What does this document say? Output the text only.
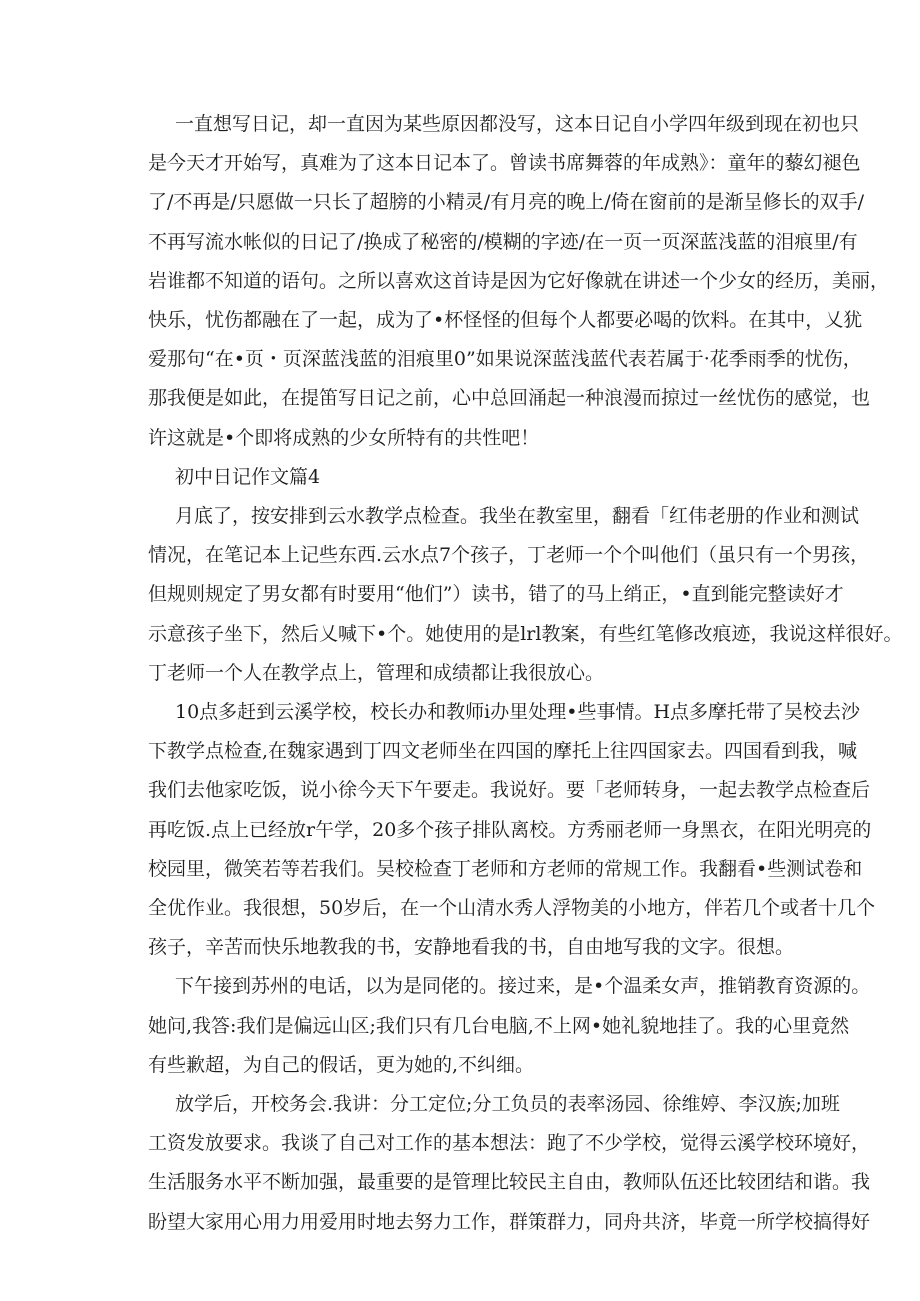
一直想写日记，却一直因为某些原因都没写，这本日记自小学四年级到现在初也只

是今天才开始写，真难为了这本日记本了。曾读书席舞蓉的年成熟》：童年的藜幻褪色

了/不再是/只愿做一只长了超膀的小精灵/有月亮的晚上/倚在窗前的是渐呈修长的双手/

不再写流水帐似的日记了/换成了秘密的/模糊的字迹/在一页一页深蓝浅蓝的泪痕里/有

岩谁都不知道的语句。之所以喜欢这首诗是因为它好像就在讲述一个少女的经历，美丽，

快乐，忧伤都融在了一起，成为了•杯怪怪的但每个人都要必喝的饮料。在其中，乂犹

爱那句“在•页・页深蓝浅蓝的泪痕里0”如果说深蓝浅蓝代表若属于·花季雨季的忧伤，

那我便是如此，在提笛写日记之前，心中总回涌起一种浪漫而掠过一丝忧伤的感觉，也

许这就是•个即将成熟的少女所特有的共性吧！

初中日记作文篇4

月底了，按安排到云水教学点检查。我坐在教室里，翻看「红伟老册的作业和测试

情况，在笔记本上记些东西.云水点7个孩子，丁老师一个个叫他们（虽只有一个男孩，

但规则规定了男女都有时要用“他们”）读书，错了的马上绡正，•直到能完整读好才

示意孩子坐下，然后乂喊下•个。她使用的是lrl教案，有些红笔修改痕迹，我说这样很好。

丁老师一个人在教学点上，管理和成绩都让我很放心。

10点多赶到云溪学校，校长办和教师i办里处理•些事情。H点多摩托带了吴校去沙

下教学点检查,在魏家遇到丁四文老师坐在四国的摩托上往四国家去。四国看到我，喊

我们去他家吃饭，说小徐今天下午要走。我说好。要「老师转身，一起去教学点检查后

再吃饭.点上已经放r午学，20多个孩子排队离校。方秀丽老师一身黑衣，在阳光明亮的

校园里，微笑若等若我们。吴校检查丁老师和方老师的常规工作。我翻看•些测试卷和

全优作业。我很想，50岁后，在一个山清水秀人浮物美的小地方，伴若几个或者十几个

孩子，辛苦而快乐地教我的书，安静地看我的书，自由地写我的文字。很想。

下午接到苏州的电话，以为是同佬的。接过来，是•个温柔女声，推销教育资源的。

她问,我答:我们是偏远山区;我们只有几台电脑,不上网•她礼貌地挂了。我的心里竟然

有些歉超，为自己的假话，更为她的,不纠细。

放学后，开校务会.我讲：分工定位;分工负员的表率汤园、徐维婷、李汉族;加班

工资发放要求。我谈了自己对工作的基本想法：跑了不少学校，觉得云溪学校环境好，

生活服务水平不断加强，最重要的是管理比较民主自由，教师队伍还比较团结和谐。我

盼望大家用心用力用爱用时地去努力工作，群策群力，同舟共济，毕竟一所学校搞得好
